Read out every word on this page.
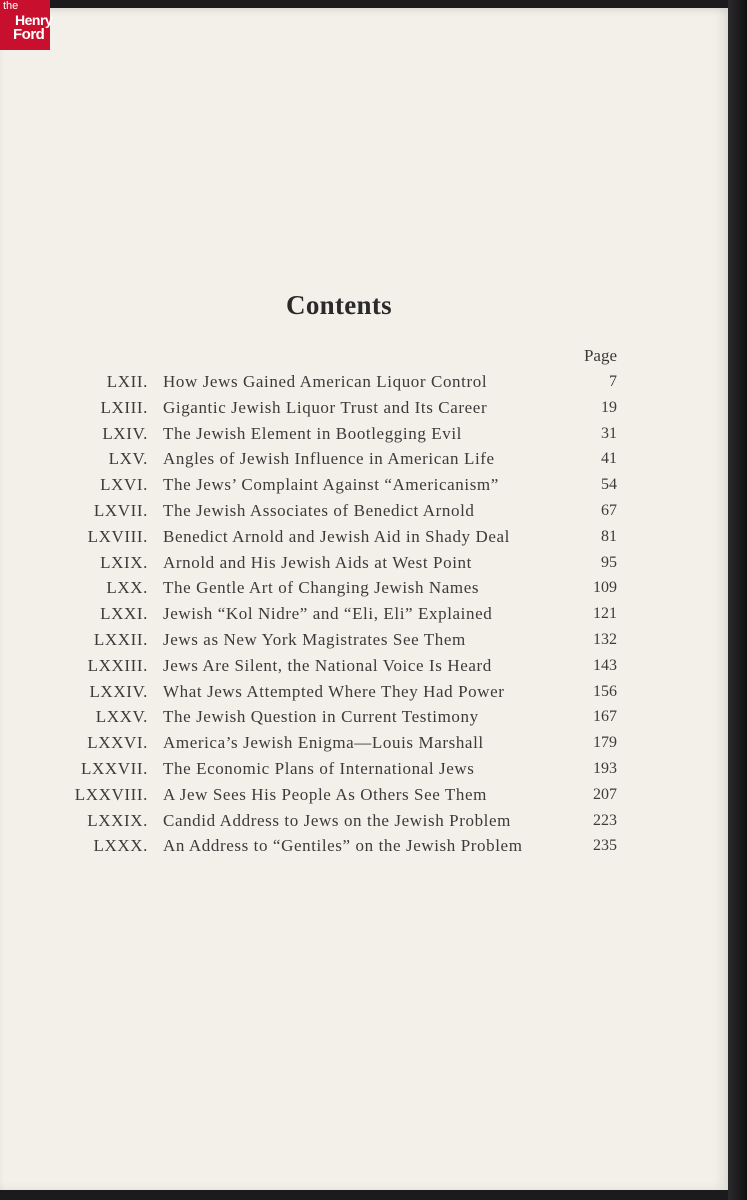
the
Henry
Ford
Contents
Page
LXII. How Jews Gained American Liquor Control	7
LXIII. Gigantic Jewish Liquor Trust and Its Career	19
LXIV. The Jewish Element in Bootlegging Evil	31
LXV. Angles of Jewish Influence in American Life	41
LXVI. The Jews’ Complaint Against “Americanism”	54
LXVII. The Jewish Associates of Benedict Arnold	67
LXVIII. Benedict Arnold and Jewish Aid in Shady Deal	81
LXIX. Arnold and His Jewish Aids at West Point	95
LXX. The Gentle Art of Changing Jewish Names	109
LXXI. Jewish “Kol Nidre” and “Eli, Eli” Explained	121
LXXII. Jews as New York Magistrates See Them	132
LXXIII. Jews Are Silent, the National Voice Is Heard	143
LXXIV. What Jews Attempted Where They Had Power	156
LXXV. The Jewish Question in Current Testimony	167
LXXVI. America’s Jewish Enigma—Louis Marshall	179
LXXVII. The Economic Plans of International Jews	193
LXXVIII. A Jew Sees His People As Others See Them	207
LXXIX. Candid Address to Jews on the Jewish Problem	223
LXXX. An Address to “Gentiles” on the Jewish Problem	235
